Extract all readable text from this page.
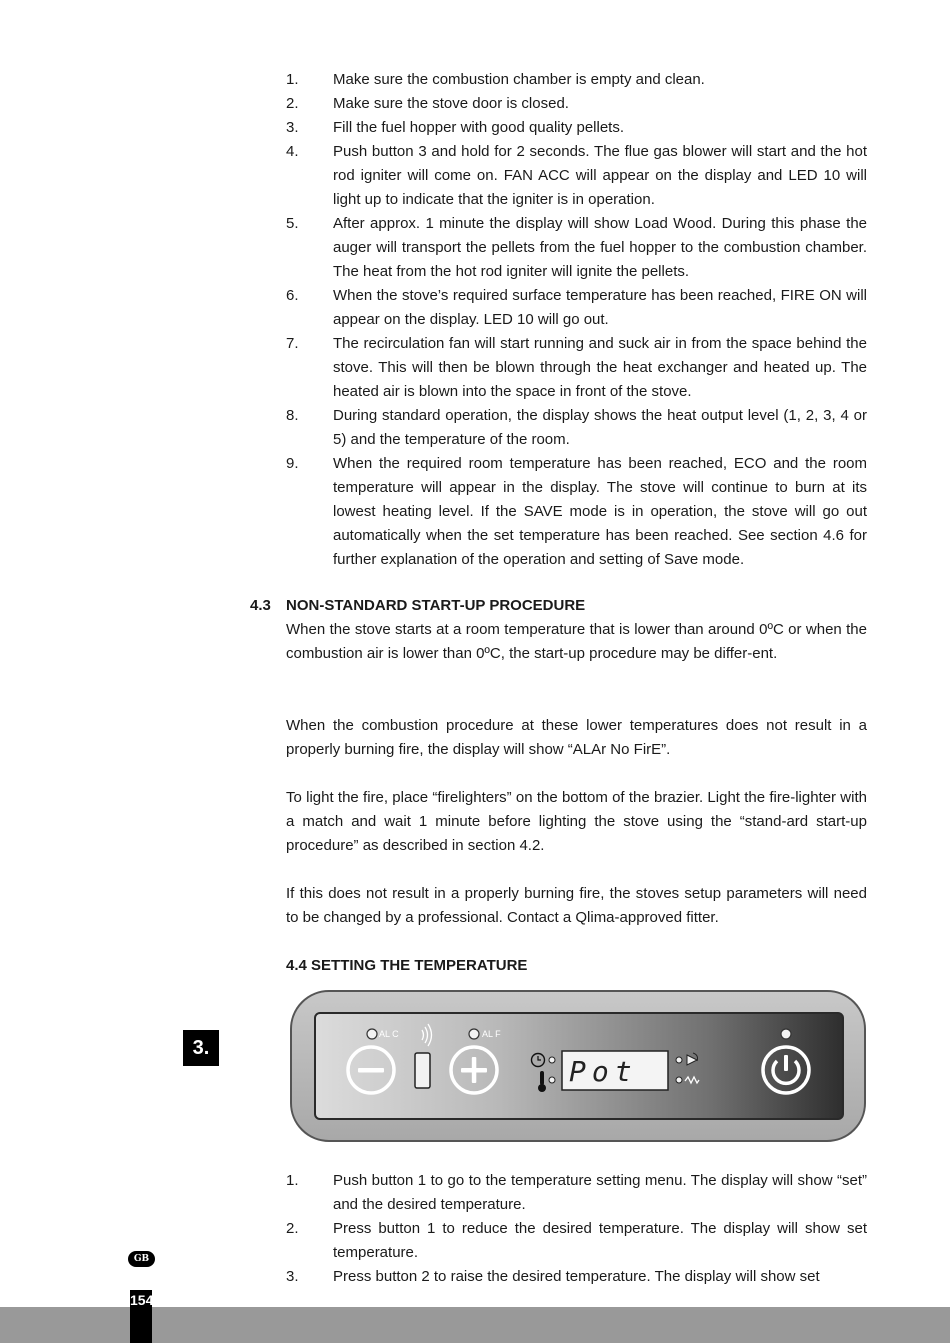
1.	Make sure the combustion chamber is empty and clean.
2.	Make sure the stove door is closed.
3.	Fill the fuel hopper with good quality pellets.
4.	Push button 3 and hold for 2 seconds. The flue gas blower will start and the hot rod igniter will come on. FAN ACC will appear on the display and LED 10 will light up to indicate that the igniter is in operation.
5.	After approx. 1 minute the display will show Load Wood. During this phase the auger will transport the pellets from the fuel hopper to the combustion chamber. The heat from the hot rod igniter will ignite the pellets.
6.	When the stove’s required surface temperature has been reached, FIRE ON will appear on the display. LED 10 will go out.
7.	The recirculation fan will start running and suck air in from the space behind the stove. This will then be blown through the heat exchanger and heated up. The heated air is blown into the space in front of the stove.
8.	During standard operation, the display shows the heat output level (1, 2, 3, 4 or 5) and the temperature of the room.
9.	When the required room temperature has been reached, ECO and the room temperature will appear in the display. The stove will continue to burn at its lowest heating level. If the SAVE mode is in operation, the stove will go out automatically when the set temperature has been reached. See section 4.6 for further explanation of the operation and setting of Save mode.
4.3	NON-STANDARD START-UP PROCEDURE

When the stove starts at a room temperature that is lower than around 0ºC or when the combustion air is lower than 0ºC, the start-up procedure may be differ-ent.

When the combustion procedure at these lower temperatures does not result in a properly burning fire, the display will show “ALAr No FirE”.

To light the fire, place “firelighters” on the bottom of the brazier. Light the fire-lighter with a match and wait 1 minute before lighting the stove using the “stand-ard start-up procedure” as described in section 4.2.

If this does not result in a properly burning fire, the stoves setup parameters will need to be changed by a professional. Contact a Qlima-approved fitter.

4.4 SETTING THE TEMPERATURE
AL C	AL F
Pot
1.	Push button 1 to go to the temperature setting menu. The display will show “set” and the desired temperature.
2.	Press button 1 to reduce the desired temperature. The display will show set temperature.
3.	Press button 2 to raise the desired temperature. The display will show set
3.
GB
154
